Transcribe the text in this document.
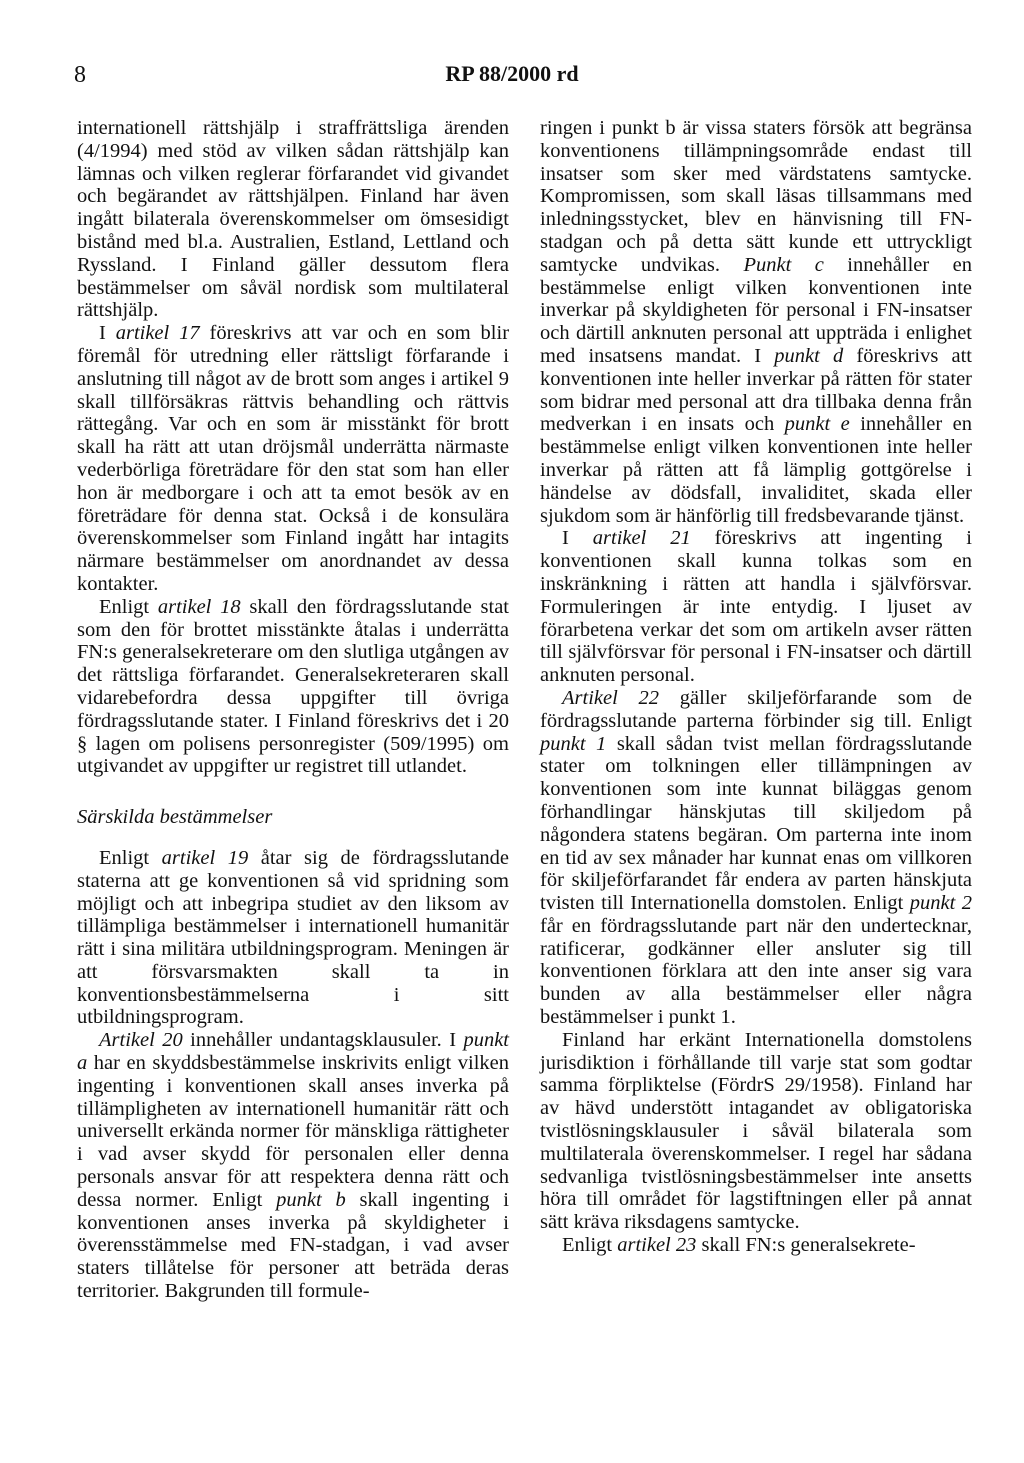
8	RP 88/2000 rd

internationell rättshjälp i straffrättsliga ärenden (4/1994) med stöd av vilken sådan rättshjälp kan lämnas och vilken reglerar förfarandet vid givandet och begärandet av rättshjälpen. Finland har även ingått bilaterala överenskommelser om ömsesidigt bistånd med bl.a. Australien, Estland, Lettland och Ryssland. I Finland gäller dessutom flera bestämmelser om såväl nordisk som multilateral rättshjälp.

I artikel 17 föreskrivs att var och en som blir föremål för utredning eller rättsligt förfarande i anslutning till något av de brott som anges i artikel 9 skall tillförsäkras rättvis behandling och rättvis rättegång. Var och en som är misstänkt för brott skall ha rätt att utan dröjsmål underrätta närmaste vederbörliga företrädare för den stat som han eller hon är medborgare i och att ta emot besök av en företrädare för denna stat. Också i de konsulära överenskommelser som Finland ingått har intagits närmare bestämmelser om anordnandet av dessa kontakter.

Enligt artikel 18 skall den fördragsslutande stat som den för brottet misstänkte åtalas i underrätta FN:s generalsekreterare om den slutliga utgången av det rättsliga förfarandet. Generalsekreteraren skall vidarebefordra dessa uppgifter till övriga fördragsslutande stater. I Finland föreskrivs det i 20 § lagen om polisens personregister (509/1995) om utgivandet av uppgifter ur registret till utlandet.

Särskilda bestämmelser

Enligt artikel 19 åtar sig de fördragsslutande staterna att ge konventionen så vid spridning som möjligt och att inbegripa studiet av den liksom av tillämpliga bestämmelser i internationell humanitär rätt i sina militära utbildningsprogram. Meningen är att försvarsmakten skall ta in konventionsbestämmelserna i sitt utbildningsprogram.

Artikel 20 innehåller undantagsklausuler. I punkt a har en skyddsbestämmelse inskrivits enligt vilken ingenting i konventionen skall anses inverka på tillämpligheten av internationell humanitär rätt och universellt erkända normer för mänskliga rättigheter i vad avser skydd för personalen eller denna personals ansvar för att respektera denna rätt och dessa normer. Enligt punkt b skall ingenting i konventionen anses inverka på skyldigheter i överensstämmelse med FN-stadgan, i vad avser staters tillåtelse för personer att beträda deras territorier. Bakgrunden till formule-

ringen i punkt b är vissa staters försök att begränsa konventionens tillämpningsområde endast till insatser som sker med värdstatens samtycke. Kompromissen, som skall läsas tillsammans med inledningsstycket, blev en hänvisning till FN-stadgan och på detta sätt kunde ett uttryckligt samtycke undvikas. Punkt c innehåller en bestämmelse enligt vilken konventionen inte inverkar på skyldigheten för personal i FN-insatser och därtill anknuten personal att uppträda i enlighet med insatsens mandat. I punkt d föreskrivs att konventionen inte heller inverkar på rätten för stater som bidrar med personal att dra tillbaka denna från medverkan i en insats och punkt e innehåller en bestämmelse enligt vilken konventionen inte heller inverkar på rätten att få lämplig gottgörelse i händelse av dödsfall, invaliditet, skada eller sjukdom som är hänförlig till fredsbevarande tjänst.

I artikel 21 föreskrivs att ingenting i konventionen skall kunna tolkas som en inskränkning i rätten att handla i självförsvar. Formuleringen är inte entydig. I ljuset av förarbetena verkar det som om artikeln avser rätten till självförsvar för personal i FN-insatser och därtill anknuten personal.

Artikel 22 gäller skiljeförfarande som de fördragsslutande parterna förbinder sig till. Enligt punkt 1 skall sådan tvist mellan fördragsslutande stater om tolkningen eller tillämpningen av konventionen som inte kunnat biläggas genom förhandlingar hänskjutas till skiljedom på någondera statens begäran. Om parterna inte inom en tid av sex månader har kunnat enas om villkoren för skiljeförfarandet får endera av parten hänskjuta tvisten till Internationella domstolen. Enligt punkt 2 får en fördragsslutande part när den undertecknar, ratificerar, godkänner eller ansluter sig till konventionen förklara att den inte anser sig vara bunden av alla bestämmelser eller några bestämmelser i punkt 1.

Finland har erkänt Internationella domstolens jurisdiktion i förhållande till varje stat som godtar samma förpliktelse (FördrS 29/1958). Finland har av hävd understött intagandet av obligatoriska tvistlösningsklausuler i såväl bilaterala som multilaterala överenskommelser. I regel har sådana sedvanliga tvistlösningsbestämmelser inte ansetts höra till området för lagstiftningen eller på annat sätt kräva riksdagens samtycke.

Enligt artikel 23 skall FN:s generalsekrete-
